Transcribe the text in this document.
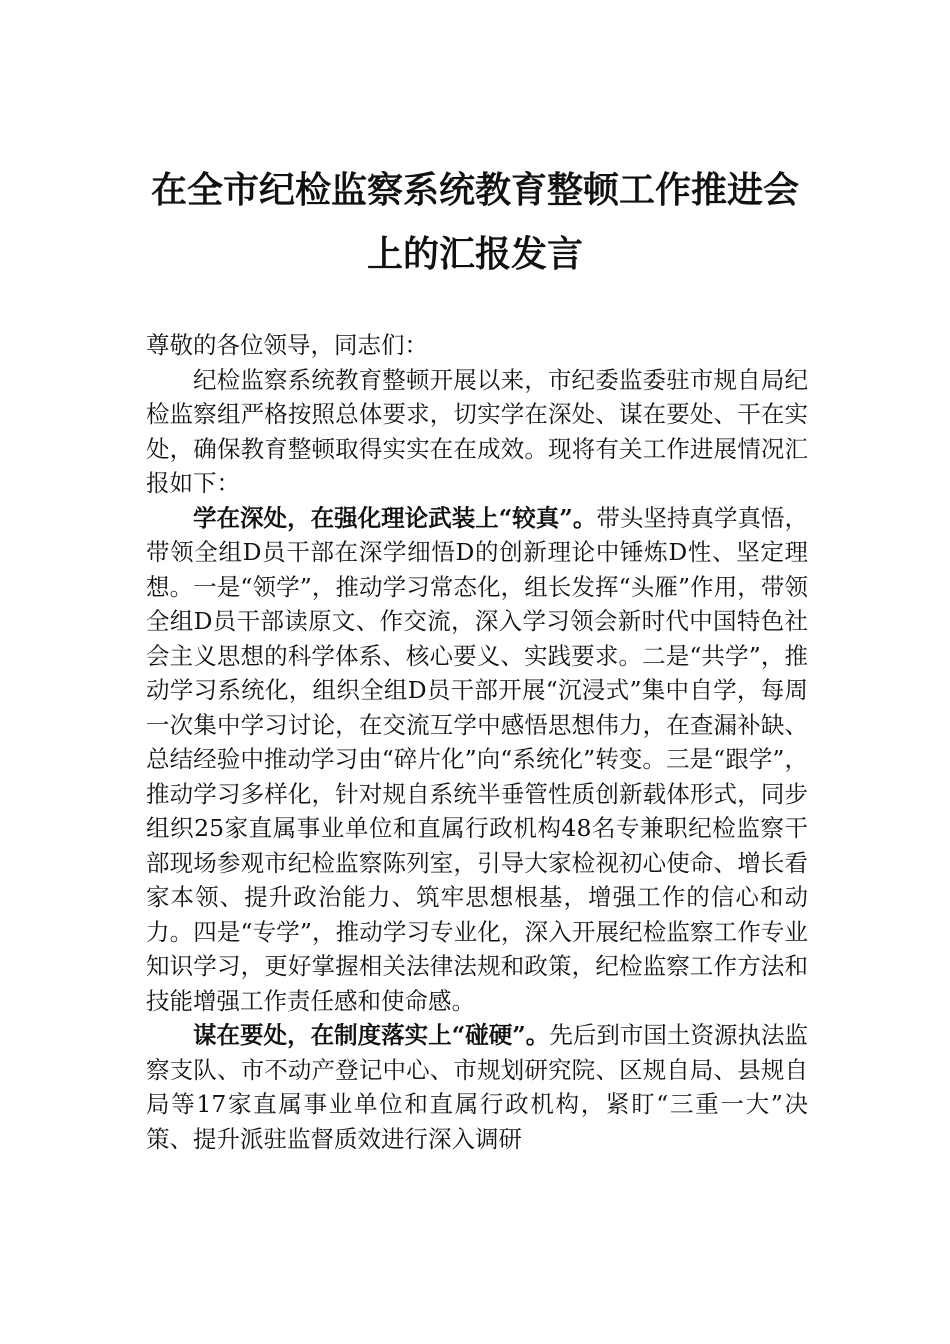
在全市纪检监察系统教育整顿工作推进会
上的汇报发言

尊敬的各位领导，同志们：

纪检监察系统教育整顿开展以来，市纪委监委驻市规自局纪检监察组严格按照总体要求，切实学在深处、谋在要处、干在实处，确保教育整顿取得实实在在成效。现将有关工作进展情况汇报如下：

学在深处，在强化理论武装上“较真”。带头坚持真学真悟，带领全组D员干部在深学细悟D的创新理论中锤炼D性、坚定理想。一是“领学”，推动学习常态化，组长发挥“头雁”作用，带领全组D员干部读原文、作交流，深入学习领会新时代中国特色社会主义思想的科学体系、核心要义、实践要求。二是“共学”，推动学习系统化，组织全组D员干部开展“沉浸式”集中自学，每周一次集中学习讨论，在交流互学中感悟思想伟力，在查漏补缺、总结经验中推动学习由“碎片化”向“系统化”转变。三是“跟学”，推动学习多样化，针对规自系统半垂管性质创新载体形式，同步组织25家直属事业单位和直属行政机构48名专兼职纪检监察干部现场参观市纪检监察陈列室，引导大家检视初心使命、增长看家本领、提升政治能力、筑牢思想根基，增强工作的信心和动力。四是“专学”，推动学习专业化，深入开展纪检监察工作专业知识学习，更好掌握相关法律法规和政策，纪检监察工作方法和技能增强工作责任感和使命感。

谋在要处，在制度落实上“碰硬”。先后到市国土资源执法监察支队、市不动产登记中心、市规划研究院、区规自局、县规自局等17家直属事业单位和直属行政机构，紧盯“三重一大”决策、提升派驻监督质效进行深入调研
